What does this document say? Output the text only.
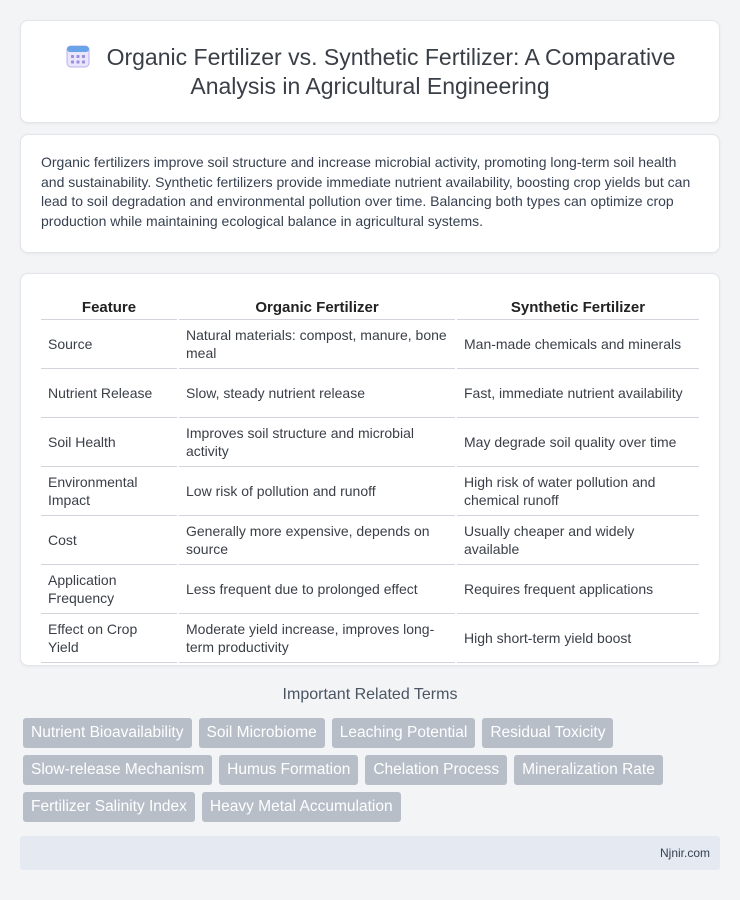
Organic Fertilizer vs. Synthetic Fertilizer: A Comparative Analysis in Agricultural Engineering

Organic fertilizers improve soil structure and increase microbial activity, promoting long-term soil health and sustainability. Synthetic fertilizers provide immediate nutrient availability, boosting crop yields but can lead to soil degradation and environmental pollution over time. Balancing both types can optimize crop production while maintaining ecological balance in agricultural systems.

Feature	Organic Fertilizer	Synthetic Fertilizer
Source	Natural materials: compost, manure, bone meal	Man-made chemicals and minerals
Nutrient Release	Slow, steady nutrient release	Fast, immediate nutrient availability
Soil Health	Improves soil structure and microbial activity	May degrade soil quality over time
Environmental Impact	Low risk of pollution and runoff	High risk of water pollution and chemical runoff
Cost	Generally more expensive, depends on source	Usually cheaper and widely available
Application Frequency	Less frequent due to prolonged effect	Requires frequent applications
Effect on Crop Yield	Moderate yield increase, improves long-term productivity	High short-term yield boost
Important Related Terms
Nutrient Bioavailability	Soil Microbiome	Leaching Potential	Residual Toxicity
Slow-release Mechanism	Humus Formation	Chelation Process	Mineralization Rate
Fertilizer Salinity Index	Heavy Metal Accumulation
Njnir.com
